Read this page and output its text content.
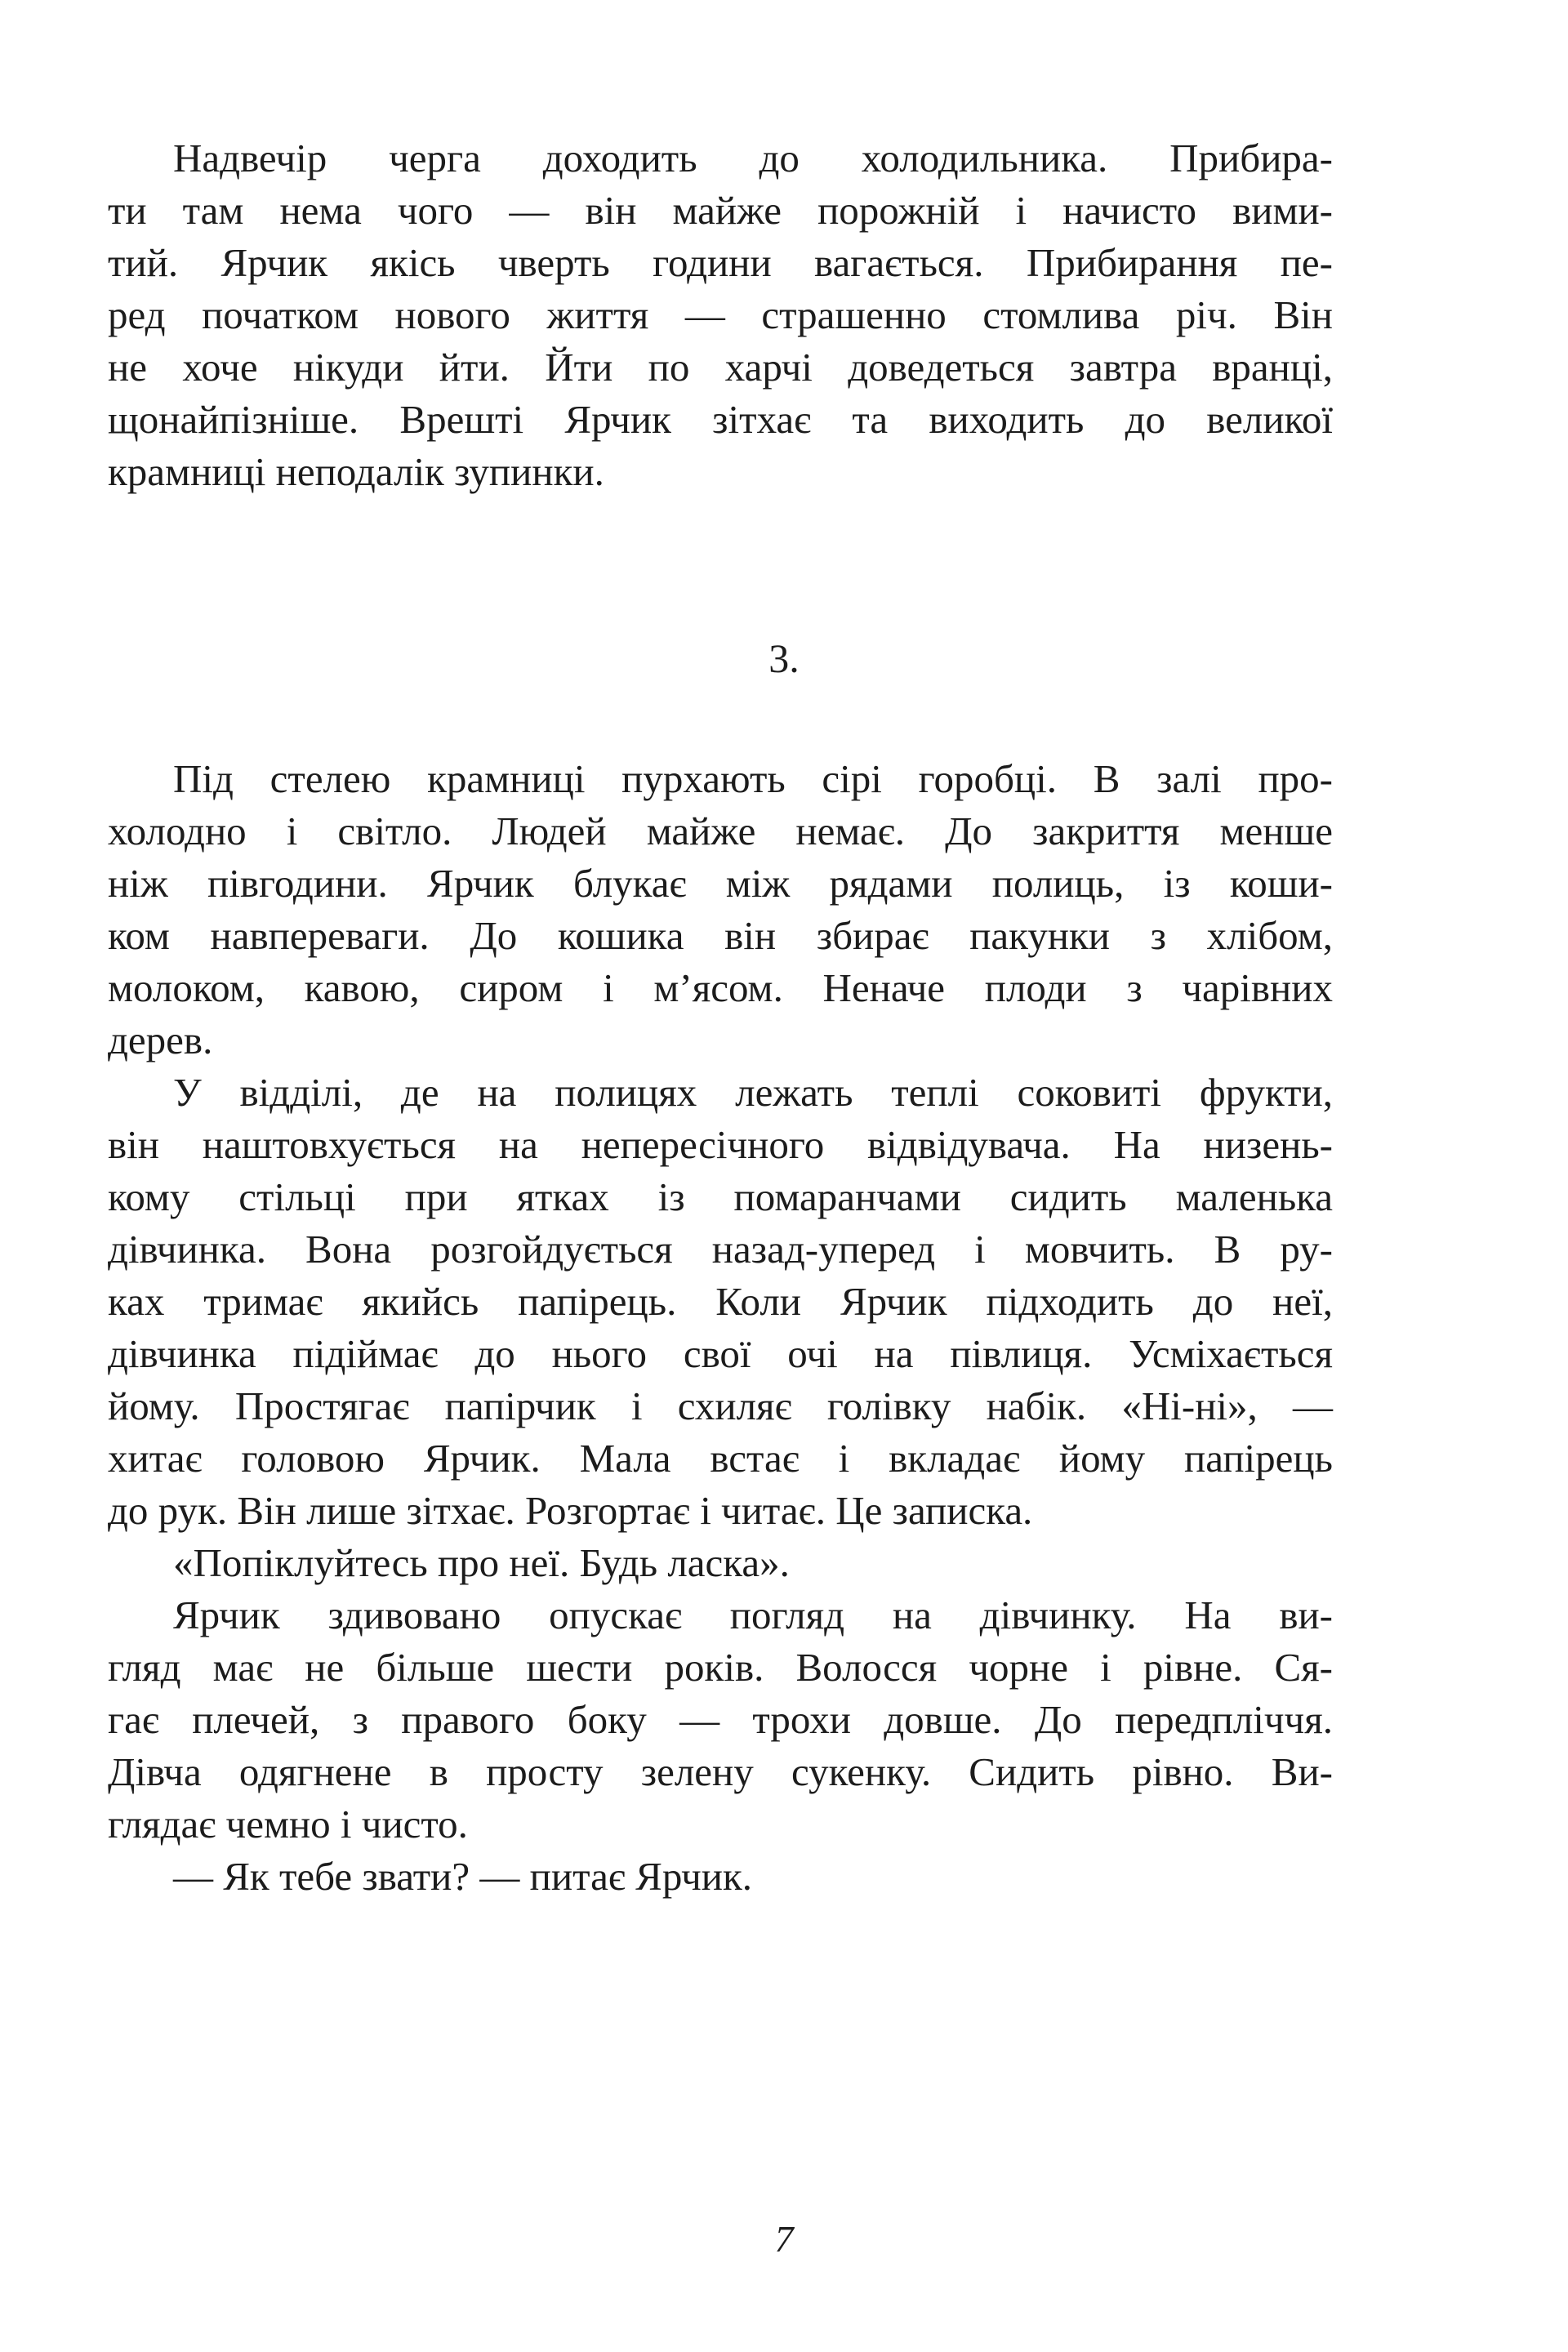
Надвечір черга доходить до холодильника. Прибира-
ти там нема чого — він майже порожній і начисто вими-
тий. Ярчик якісь чверть години вагається. Прибирання пе-
ред початком нового життя — страшенно стомлива річ. Він
не хоче нікуди йти. Йти по харчі доведеться завтра вранці,
щонайпізніше. Врешті Ярчик зітхає та виходить до великої
крамниці неподалік зупинки.
3.
Під стелею крамниці пурхають сірі горобці. В залі про-
холодно і світло. Людей майже немає. До закриття менше
ніж півгодини. Ярчик блукає між рядами полиць, із коши-
ком навпереваги. До кошика він збирає пакунки з хлібом,
молоком, кавою, сиром і м’ясом. Неначе плоди з чарівних
дерев.
У відділі, де на полицях лежать теплі соковиті фрукти,
він наштовхується на непересічного відвідувача. На низень-
кому стільці при ятках із помаранчами сидить маленька
дівчинка. Вона розгойдується назад-уперед і мовчить. В ру-
ках тримає якийсь папірець. Коли Ярчик підходить до неї,
дівчинка підіймає до нього свої очі на півлиця. Усміхається
йому. Простягає папірчик і схиляє голівку набік. «Ні-ні», —
хитає головою Ярчик. Мала встає і вкладає йому папірець
до рук. Він лише зітхає. Розгортає і читає. Це записка.
«Попіклуйтесь про неї. Будь ласка».
Ярчик здивовано опускає погляд на дівчинку. На ви-
гляд має не більше шести років. Волосся чорне і рівне. Ся-
гає плечей, з правого боку — трохи довше. До передпліччя.
Дівча одягнене в просту зелену сукенку. Сидить рівно. Ви-
глядає чемно і чисто.
— Як тебе звати? — питає Ярчик.
7
